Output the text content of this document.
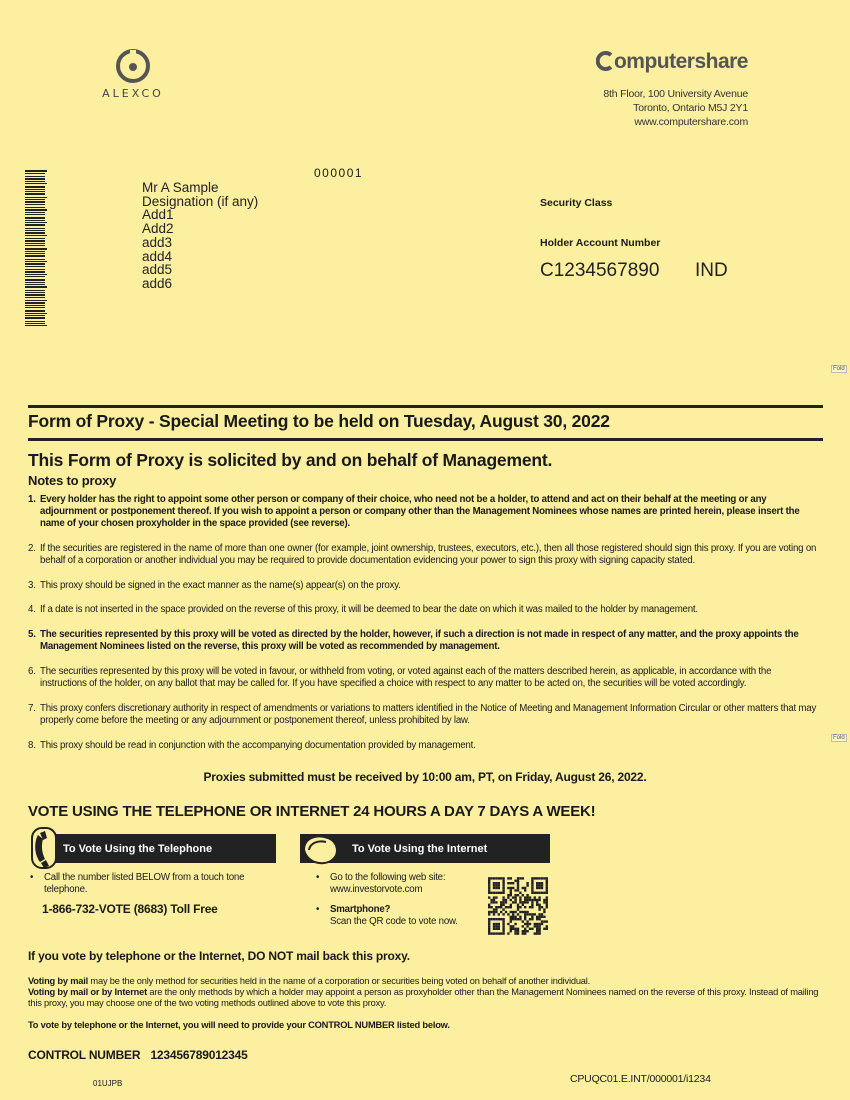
ALEXCO
omputershare
8th Floor, 100 University Avenue
Toronto, Ontario M5J 2Y1
www.computershare.com
000001
Mr A Sample
Designation (if any)
Add1
Add2
add3
add4
add5
add6
Security Class
Holder Account Number
C1234567890 IND
Fold
Fold
Form of Proxy - Special Meeting to be held on Tuesday, August 30, 2022
This Form of Proxy is solicited by and on behalf of Management.
Notes to proxy
1. Every holder has the right to appoint some other person or company of their choice, who need not be a holder, to attend and act on their behalf at the meeting or any adjournment or postponement thereof. If you wish to appoint a person or company other than the Management Nominees whose names are printed herein, please insert the name of your chosen proxyholder in the space provided (see reverse).
2. If the securities are registered in the name of more than one owner (for example, joint ownership, trustees, executors, etc.), then all those registered should sign this proxy. If you are voting on behalf of a corporation or another individual you may be required to provide documentation evidencing your power to sign this proxy with signing capacity stated.
3. This proxy should be signed in the exact manner as the name(s) appear(s) on the proxy.
4. If a date is not inserted in the space provided on the reverse of this proxy, it will be deemed to bear the date on which it was mailed to the holder by management.
5. The securities represented by this proxy will be voted as directed by the holder, however, if such a direction is not made in respect of any matter, and the proxy appoints the Management Nominees listed on the reverse, this proxy will be voted as recommended by management.
6. The securities represented by this proxy will be voted in favour, or withheld from voting, or voted against each of the matters described herein, as applicable, in accordance with the instructions of the holder, on any ballot that may be called for. If you have specified a choice with respect to any matter to be acted on, the securities will be voted accordingly.
7. This proxy confers discretionary authority in respect of amendments or variations to matters identified in the Notice of Meeting and Management Information Circular or other matters that may properly come before the meeting or any adjournment or postponement thereof, unless prohibited by law.
8. This proxy should be read in conjunction with the accompanying documentation provided by management.
Proxies submitted must be received by 10:00 am, PT, on Friday, August 26, 2022.
VOTE USING THE TELEPHONE OR INTERNET 24 HOURS A DAY 7 DAYS A WEEK!
To Vote Using the Telephone
• Call the number listed BELOW from a touch tone telephone.
1-866-732-VOTE (8683) Toll Free
To Vote Using the Internet
• Go to the following web site: www.investorvote.com
• Smartphone?
Scan the QR code to vote now.
If you vote by telephone or the Internet, DO NOT mail back this proxy.
Voting by mail may be the only method for securities held in the name of a corporation or securities being voted on behalf of another individual.
Voting by mail or by Internet are the only methods by which a holder may appoint a person as proxyholder other than the Management Nominees named on the reverse of this proxy. Instead of mailing this proxy, you may choose one of the two voting methods outlined above to vote this proxy.
To vote by telephone or the Internet, you will need to provide your CONTROL NUMBER listed below.
CONTROL NUMBER 123456789012345
01UJPB	CPUQC01.E.INT/000001/i1234
